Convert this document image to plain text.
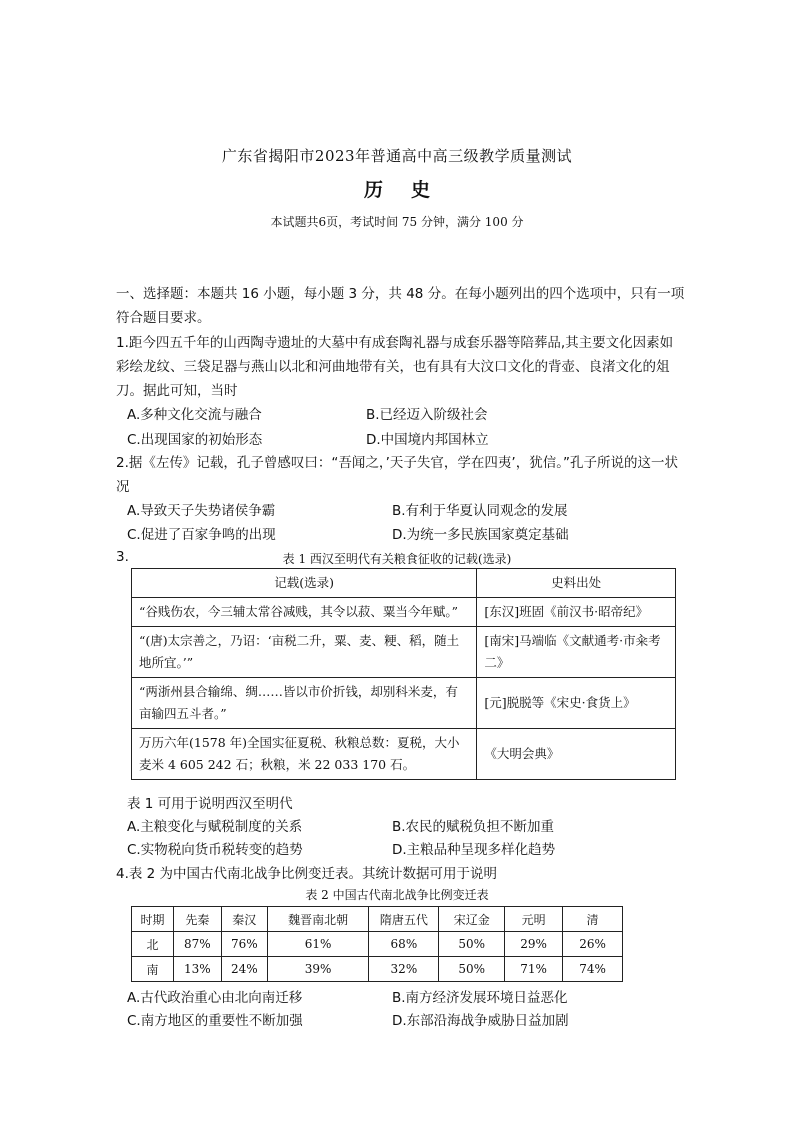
广东省揭阳市2023年普通高中高三级教学质量测试
历史
本试题共6页，考试时间 75 分钟，满分 100 分
一、选择题：本题共 16 小题，每小题 3 分，共 48 分。在每小题列出的四个选项中，只有一项符合题目要求。
1.距今四五千年的山西陶寺遗址的大墓中有成套陶礼器与成套乐器等陪葬品,其主要文化因素如彩绘龙纹、三袋足器与燕山以北和河曲地带有关，也有具有大汶口文化的背壶、良渚文化的俎刀。据此可知，当时
A.多种文化交流与融合	B.已经迈入阶级社会
C.出现国家的初始形态	D.中国境内邦国林立
2.据《左传》记载，孔子曾感叹曰：“吾闻之，’天子失官，学在四夷’，犹信。”孔子所说的这一状况
A.导致天子失势诸侯争霸	B.有利于华夏认同观念的发展
C.促进了百家争鸣的出现	D.为统一多民族国家奠定基础
3.	表 1 西汉至明代有关粮食征收的记载(选录)
记载(选录)	史料出处
“谷贱伤农，今三辅太常谷减贱，其令以菽、粟当今年赋。”	[东汉]班固《前汉书·昭帝纪》
“(唐)太宗善之，乃诏：‘亩税二升，粟、麦、粳、稻，随土地所宜。’”	[南宋]马端临《文献通考·市籴考二》
“两浙州县合输绵、绸……皆以市价折钱，却别科米麦，有亩输四五斗者。”	[元]脱脱等《宋史·食货上》
万历六年(1578 年)全国实征夏税、秋粮总数：夏税，大小麦米 4 605 242 石；秋粮，米 22 033 170 石。	《大明会典》
表 1 可用于说明西汉至明代
A.主粮变化与赋税制度的关系	B.农民的赋税负担不断加重
C.实物税向货币税转变的趋势	D.主粮品种呈现多样化趋势
4.表 2 为中国古代南北战争比例变迁表。其统计数据可用于说明
表 2 中国古代南北战争比例变迁表
时期	先秦	秦汉	魏晋南北朝	隋唐五代	宋辽金	元明	清
北	87%	76%	61%	68%	50%	29%	26%
南	13%	24%	39%	32%	50%	71%	74%
A.古代政治重心由北向南迁移	B.南方经济发展环境日益恶化
C.南方地区的重要性不断加强	D.东部沿海战争威胁日益加剧
